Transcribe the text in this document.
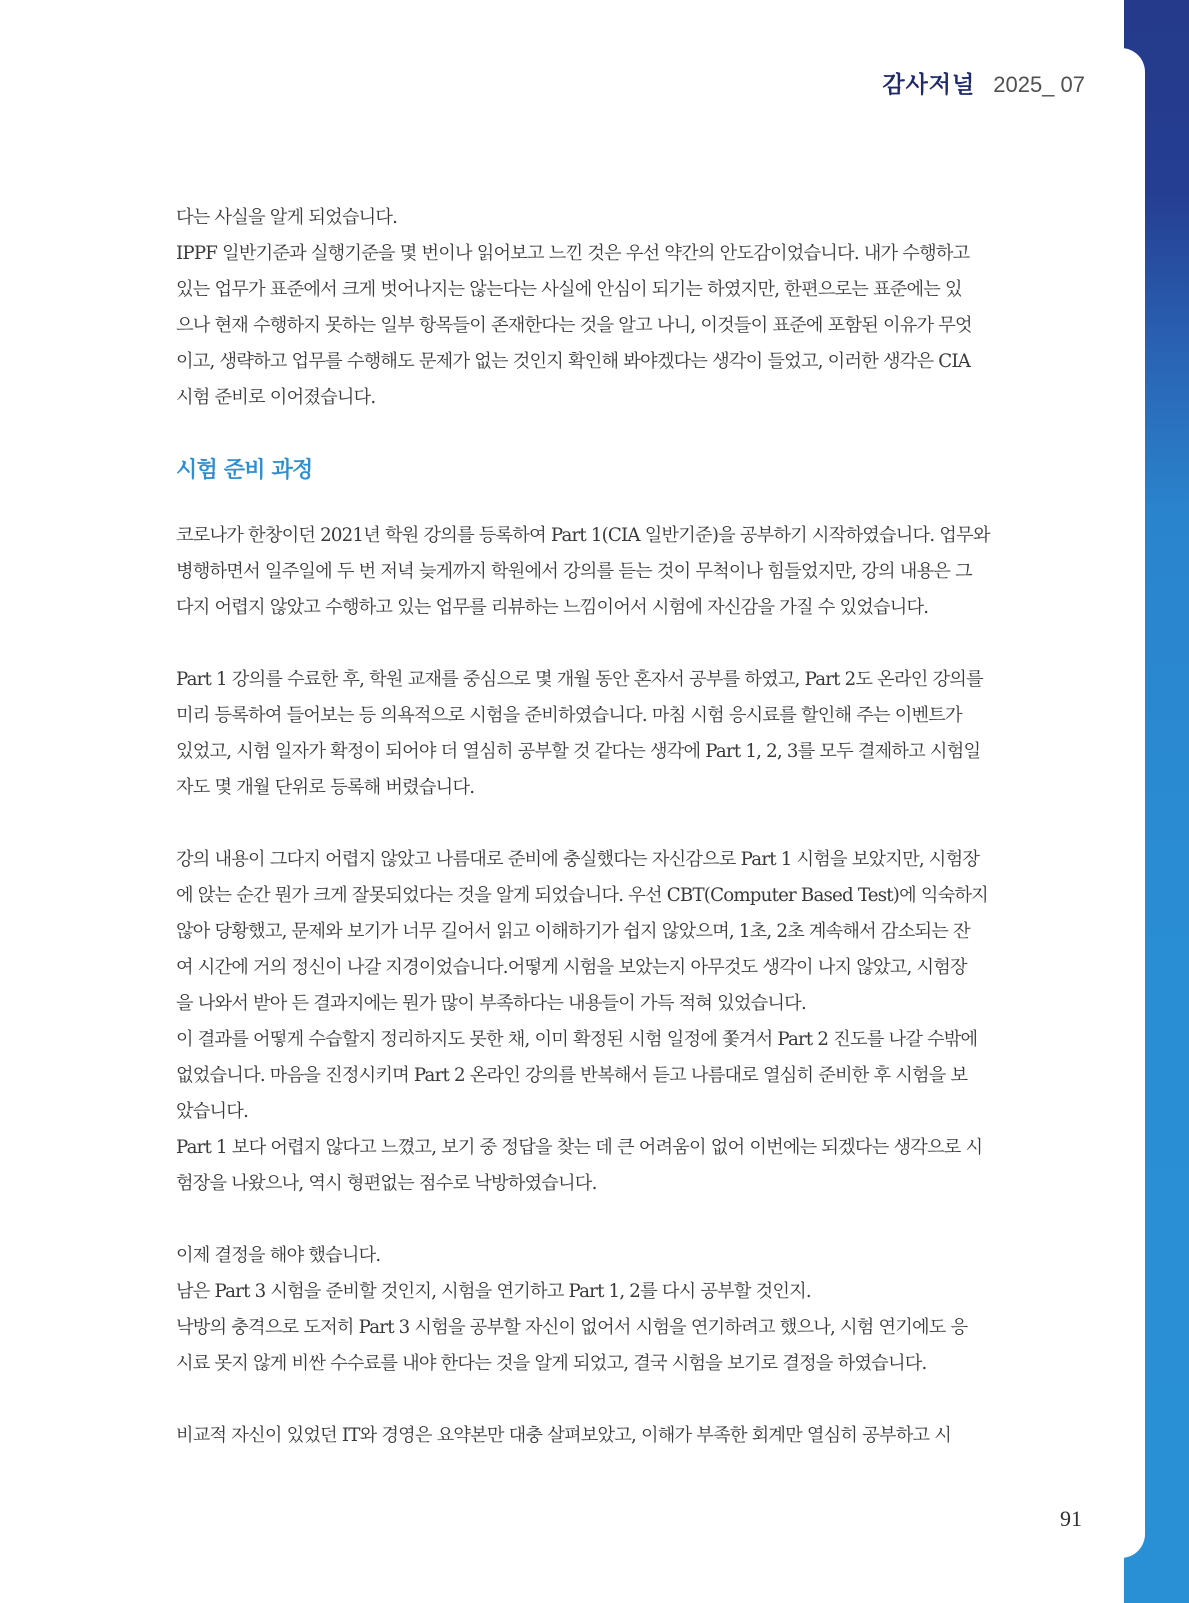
감사저널 2025_ 07

다는 사실을 알게 되었습니다.
IPPF 일반기준과 실행기준을 몇 번이나 읽어보고 느낀 것은 우선 약간의 안도감이었습니다. 내가 수행하고
있는 업무가 표준에서 크게 벗어나지는 않는다는 사실에 안심이 되기는 하였지만, 한편으로는 표준에는 있
으나 현재 수행하지 못하는 일부 항목들이 존재한다는 것을 알고 나니, 이것들이 표준에 포함된 이유가 무엇
이고, 생략하고 업무를 수행해도 문제가 없는 것인지 확인해 봐야겠다는 생각이 들었고, 이러한 생각은 CIA
시험 준비로 이어졌습니다.

시험 준비 과정

코로나가 한창이던 2021년 학원 강의를 등록하여 Part 1(CIA 일반기준)을 공부하기 시작하였습니다. 업무와
병행하면서 일주일에 두 번 저녁 늦게까지 학원에서 강의를 듣는 것이 무척이나 힘들었지만, 강의 내용은 그
다지 어렵지 않았고 수행하고 있는 업무를 리뷰하는 느낌이어서 시험에 자신감을 가질 수 있었습니다.

Part 1 강의를 수료한 후, 학원 교재를 중심으로 몇 개월 동안 혼자서 공부를 하였고, Part 2도 온라인 강의를
미리 등록하여 들어보는 등 의욕적으로 시험을 준비하였습니다. 마침 시험 응시료를 할인해 주는 이벤트가
있었고, 시험 일자가 확정이 되어야 더 열심히 공부할 것 같다는 생각에 Part 1, 2, 3를 모두 결제하고 시험일
자도 몇 개월 단위로 등록해 버렸습니다.

강의 내용이 그다지 어렵지 않았고 나름대로 준비에 충실했다는 자신감으로 Part 1 시험을 보았지만, 시험장
에 앉는 순간 뭔가 크게 잘못되었다는 것을 알게 되었습니다. 우선 CBT(Computer Based Test)에 익숙하지
않아 당황했고, 문제와 보기가 너무 길어서 읽고 이해하기가 쉽지 않았으며, 1초, 2초 계속해서 감소되는 잔
여 시간에 거의 정신이 나갈 지경이었습니다.어떻게 시험을 보았는지 아무것도 생각이 나지 않았고, 시험장
을 나와서 받아 든 결과지에는 뭔가 많이 부족하다는 내용들이 가득 적혀 있었습니다.
이 결과를 어떻게 수습할지 정리하지도 못한 채, 이미 확정된 시험 일정에 쫓겨서 Part 2 진도를 나갈 수밖에
없었습니다. 마음을 진정시키며 Part 2 온라인 강의를 반복해서 듣고 나름대로 열심히 준비한 후 시험을 보
았습니다.
Part 1 보다 어렵지 않다고 느꼈고, 보기 중 정답을 찾는 데 큰 어려움이 없어 이번에는 되겠다는 생각으로 시
험장을 나왔으나, 역시 형편없는 점수로 낙방하였습니다.

이제 결정을 해야 했습니다.
남은 Part 3 시험을 준비할 것인지, 시험을 연기하고 Part 1, 2를 다시 공부할 것인지.
낙방의 충격으로 도저히 Part 3 시험을 공부할 자신이 없어서 시험을 연기하려고 했으나, 시험 연기에도 응
시료 못지 않게 비싼 수수료를 내야 한다는 것을 알게 되었고, 결국 시험을 보기로 결정을 하였습니다.

비교적 자신이 있었던 IT와 경영은 요약본만 대충 살펴보았고, 이해가 부족한 회계만 열심히 공부하고 시

91
